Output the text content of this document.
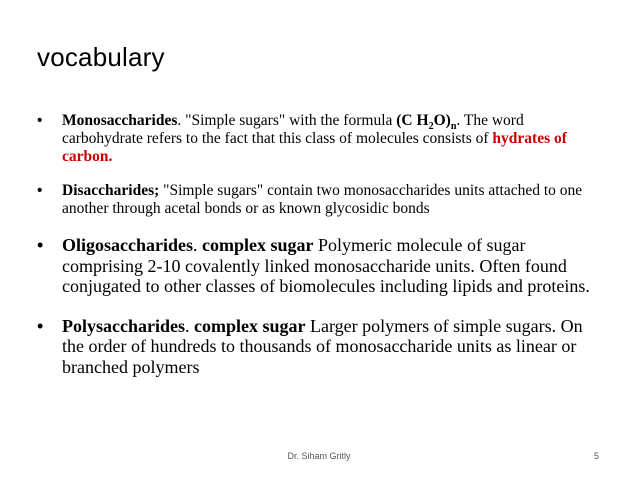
vocabulary
• Monosaccharides. "Simple sugars" with the formula (C $H_2O)_n$. The word carbohydrate refers to the fact that this class of molecules consists of hydrates of carbon.
• Disaccharides; "Simple sugars" contain two monosaccharides units attached to one another through acetal bonds or as known glycosidic bonds
• Oligosaccharides. complex sugar Polymeric molecule of sugar comprising 2-10 covalently linked monosaccharide units. Often found conjugated to other classes of biomolecules including lipids and proteins.
• Polysaccharides. complex sugar Larger polymers of simple sugars. On the order of hundreds to thousands of monosaccharide units as linear or branched polymers
Dr. Siham Gritly	5
